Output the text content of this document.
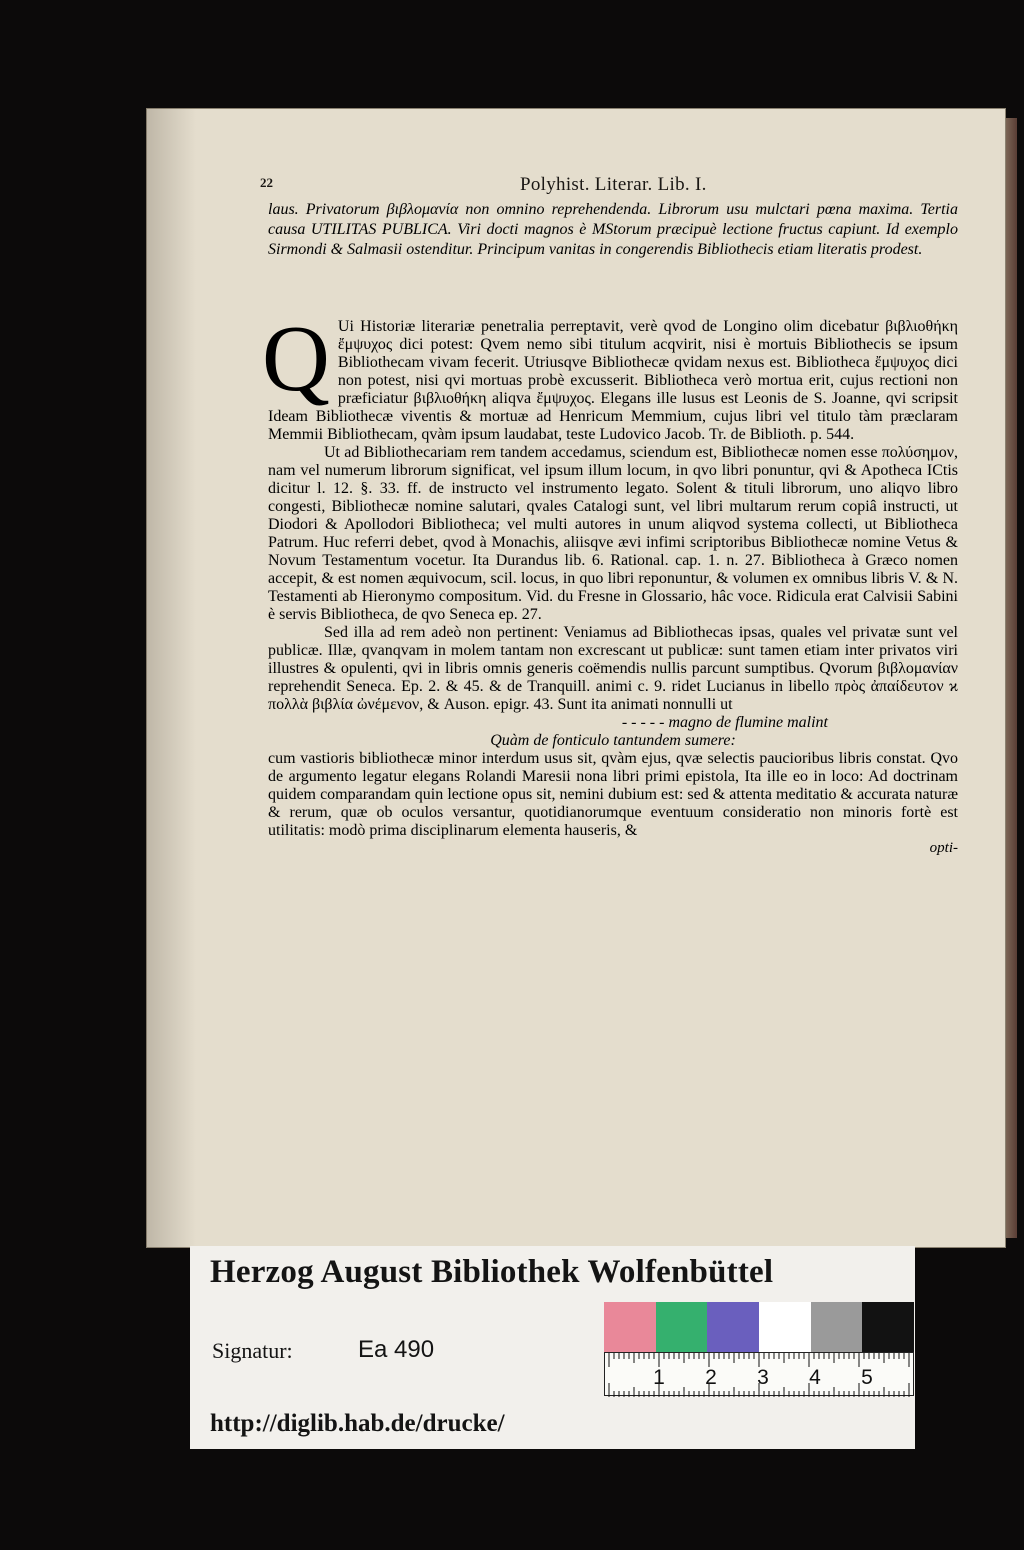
22	Polyhist. Literar. Lib. I.
laus. Privatorum βιβλομανία non omnino reprehendenda. Librorum usu mulctari pœna maxima. Tertia causa UTILITAS PUBLICA. Viri docti magnos è MStorum præcipuè lectione fructus capiunt. Id exemplo Sirmondi & Salmasii ostenditur. Principum vanitas in congerendis Bibliothecis etiam literatis prodest.

Q Ui Historiæ literariæ penetralia perreptavit, verè qvod de Longino olim dicebatur βιβλιοθήκη ἔμψυχος dici potest: Qvem nemo sibi titulum acqvirit, nisi è mortuis Bibliothecis se ipsum Bibliothecam vivam fecerit. Utriusqve Bibliothecæ qvidam nexus est. Bibliotheca ἔμψυχος dici non potest, nisi qvi mortuas probè excusserit. Bibliotheca verò mortua erit, cujus rectioni non præficiatur βιβλιοθήκη aliqva ἔμψυχος. Elegans ille lusus est Leonis de S. Joanne, qvi scripsit Ideam Bibliothecæ viventis & mortuæ ad Henricum Memmium, cujus libri vel titulo tàm præclaram Memmii Bibliothecam, qvàm ipsum laudabat, teste Ludovico Jacob. Tr. de Biblioth. p. 544.

Ut ad Bibliothecariam rem tandem accedamus, sciendum est, Bibliothecæ nomen esse πολύσημον, nam vel numerum librorum significat, vel ipsum illum locum, in qvo libri ponuntur, qvi & Apotheca ICtis dicitur l. 12. §. 33. ff. de instructo vel instrumento legato. Solent & tituli librorum, uno aliqvo libro congesti, Bibliothecæ nomine salutari, qvales Catalogi sunt, vel libri multarum rerum copiâ instructi, ut Diodori & Apollodori Bibliotheca; vel multi autores in unum aliqvod systema collecti, ut Bibliotheca Patrum. Huc referri debet, qvod à Monachis, aliisqve ævi infimi scriptoribus Bibliothecæ nomine Vetus & Novum Testamentum vocetur. Ita Durandus lib. 6. Rational. cap. 1. n. 27. Bibliotheca à Græco nomen accepit, & est nomen æquivocum, scil. locus, in quo libri reponuntur, & volumen ex omnibus libris V. & N. Testamenti ab Hieronymo compositum. Vid. du Fresne in Glossario, hâc voce. Ridicula erat Calvisii Sabini è servis Bibliotheca, de qvo Seneca ep. 27.

Sed illa ad rem adeò non pertinent: Veniamus ad Bibliothecas ipsas, quales vel privatæ sunt vel publicæ. Illæ, qvanqvam in molem tantam non excrescant ut publicæ: sunt tamen etiam inter privatos viri illustres & opulenti, qvi in libris omnis generis coëmendis nullis parcunt sumptibus. Qvorum βιβλομανίαν reprehendit Seneca. Ep. 2. & 45. & de Tranquill. animi c. 9. ridet Lucianus in libello πρὸς ἀπαίδευτον ϰ πολλὰ βιβλία ὠνέμενον, & Auson. epigr. 43. Sunt ita animati nonnulli ut

- - - - - magno de flumine malint

Quàm de fonticulo tantundem sumere:

cum vastioris bibliothecæ minor interdum usus sit, qvàm ejus, qvæ selectis paucioribus libris constat. Qvo de argumento legatur elegans Rolandi Maresii nona libri primi epistola, Ita ille eo in loco: Ad doctrinam quidem comparandam quin lectione opus sit, nemini dubium est: sed & attenta meditatio & accurata naturæ & rerum, quæ ob oculos versantur, quotidianorumque eventuum consideratio non minoris fortè est utilitatis: modò prima disciplinarum elementa hauseris, &

opti-

Herzog August Bibliothek Wolfenbüttel
Signatur:	Ea 490
1 2 3 4 5
http://diglib.hab.de/drucke/
